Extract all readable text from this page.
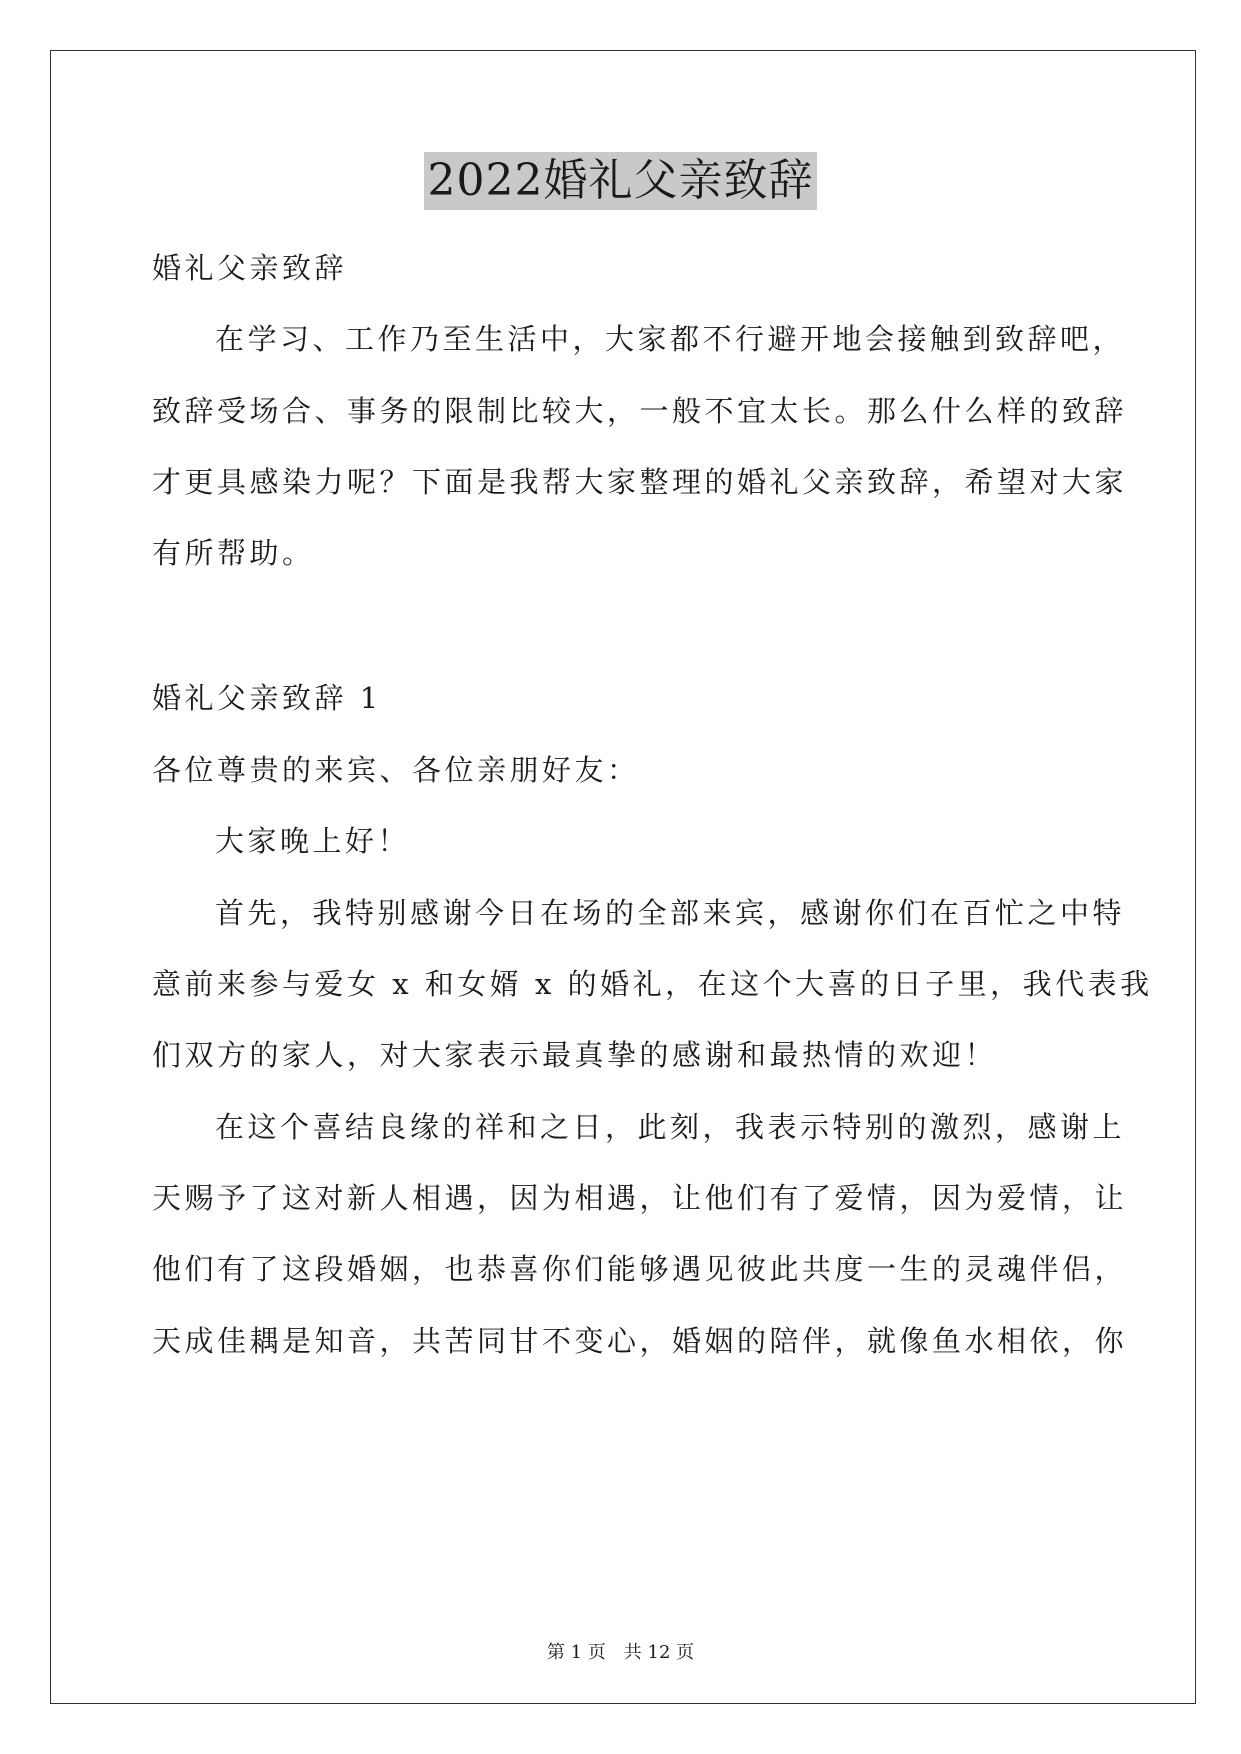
2022婚礼父亲致辞
婚礼父亲致辞
在学习、工作乃至生活中，大家都不行避开地会接触到致辞吧，
致辞受场合、事务的限制比较大，一般不宜太长。那么什么样的致辞
才更具感染力呢？下面是我帮大家整理的婚礼父亲致辞，希望对大家
有所帮助。
婚礼父亲致辞 1
各位尊贵的来宾、各位亲朋好友：
大家晚上好！
首先，我特别感谢今日在场的全部来宾，感谢你们在百忙之中特
意前来参与爱女 x 和女婿 x 的婚礼，在这个大喜的日子里，我代表我
们双方的家人，对大家表示最真挚的感谢和最热情的欢迎！
在这个喜结良缘的祥和之日，此刻，我表示特别的激烈，感谢上
天赐予了这对新人相遇，因为相遇，让他们有了爱情，因为爱情，让
他们有了这段婚姻，也恭喜你们能够遇见彼此共度一生的灵魂伴侣，
天成佳耦是知音，共苦同甘不变心，婚姻的陪伴，就像鱼水相依，你
第 1 页　共 12 页
